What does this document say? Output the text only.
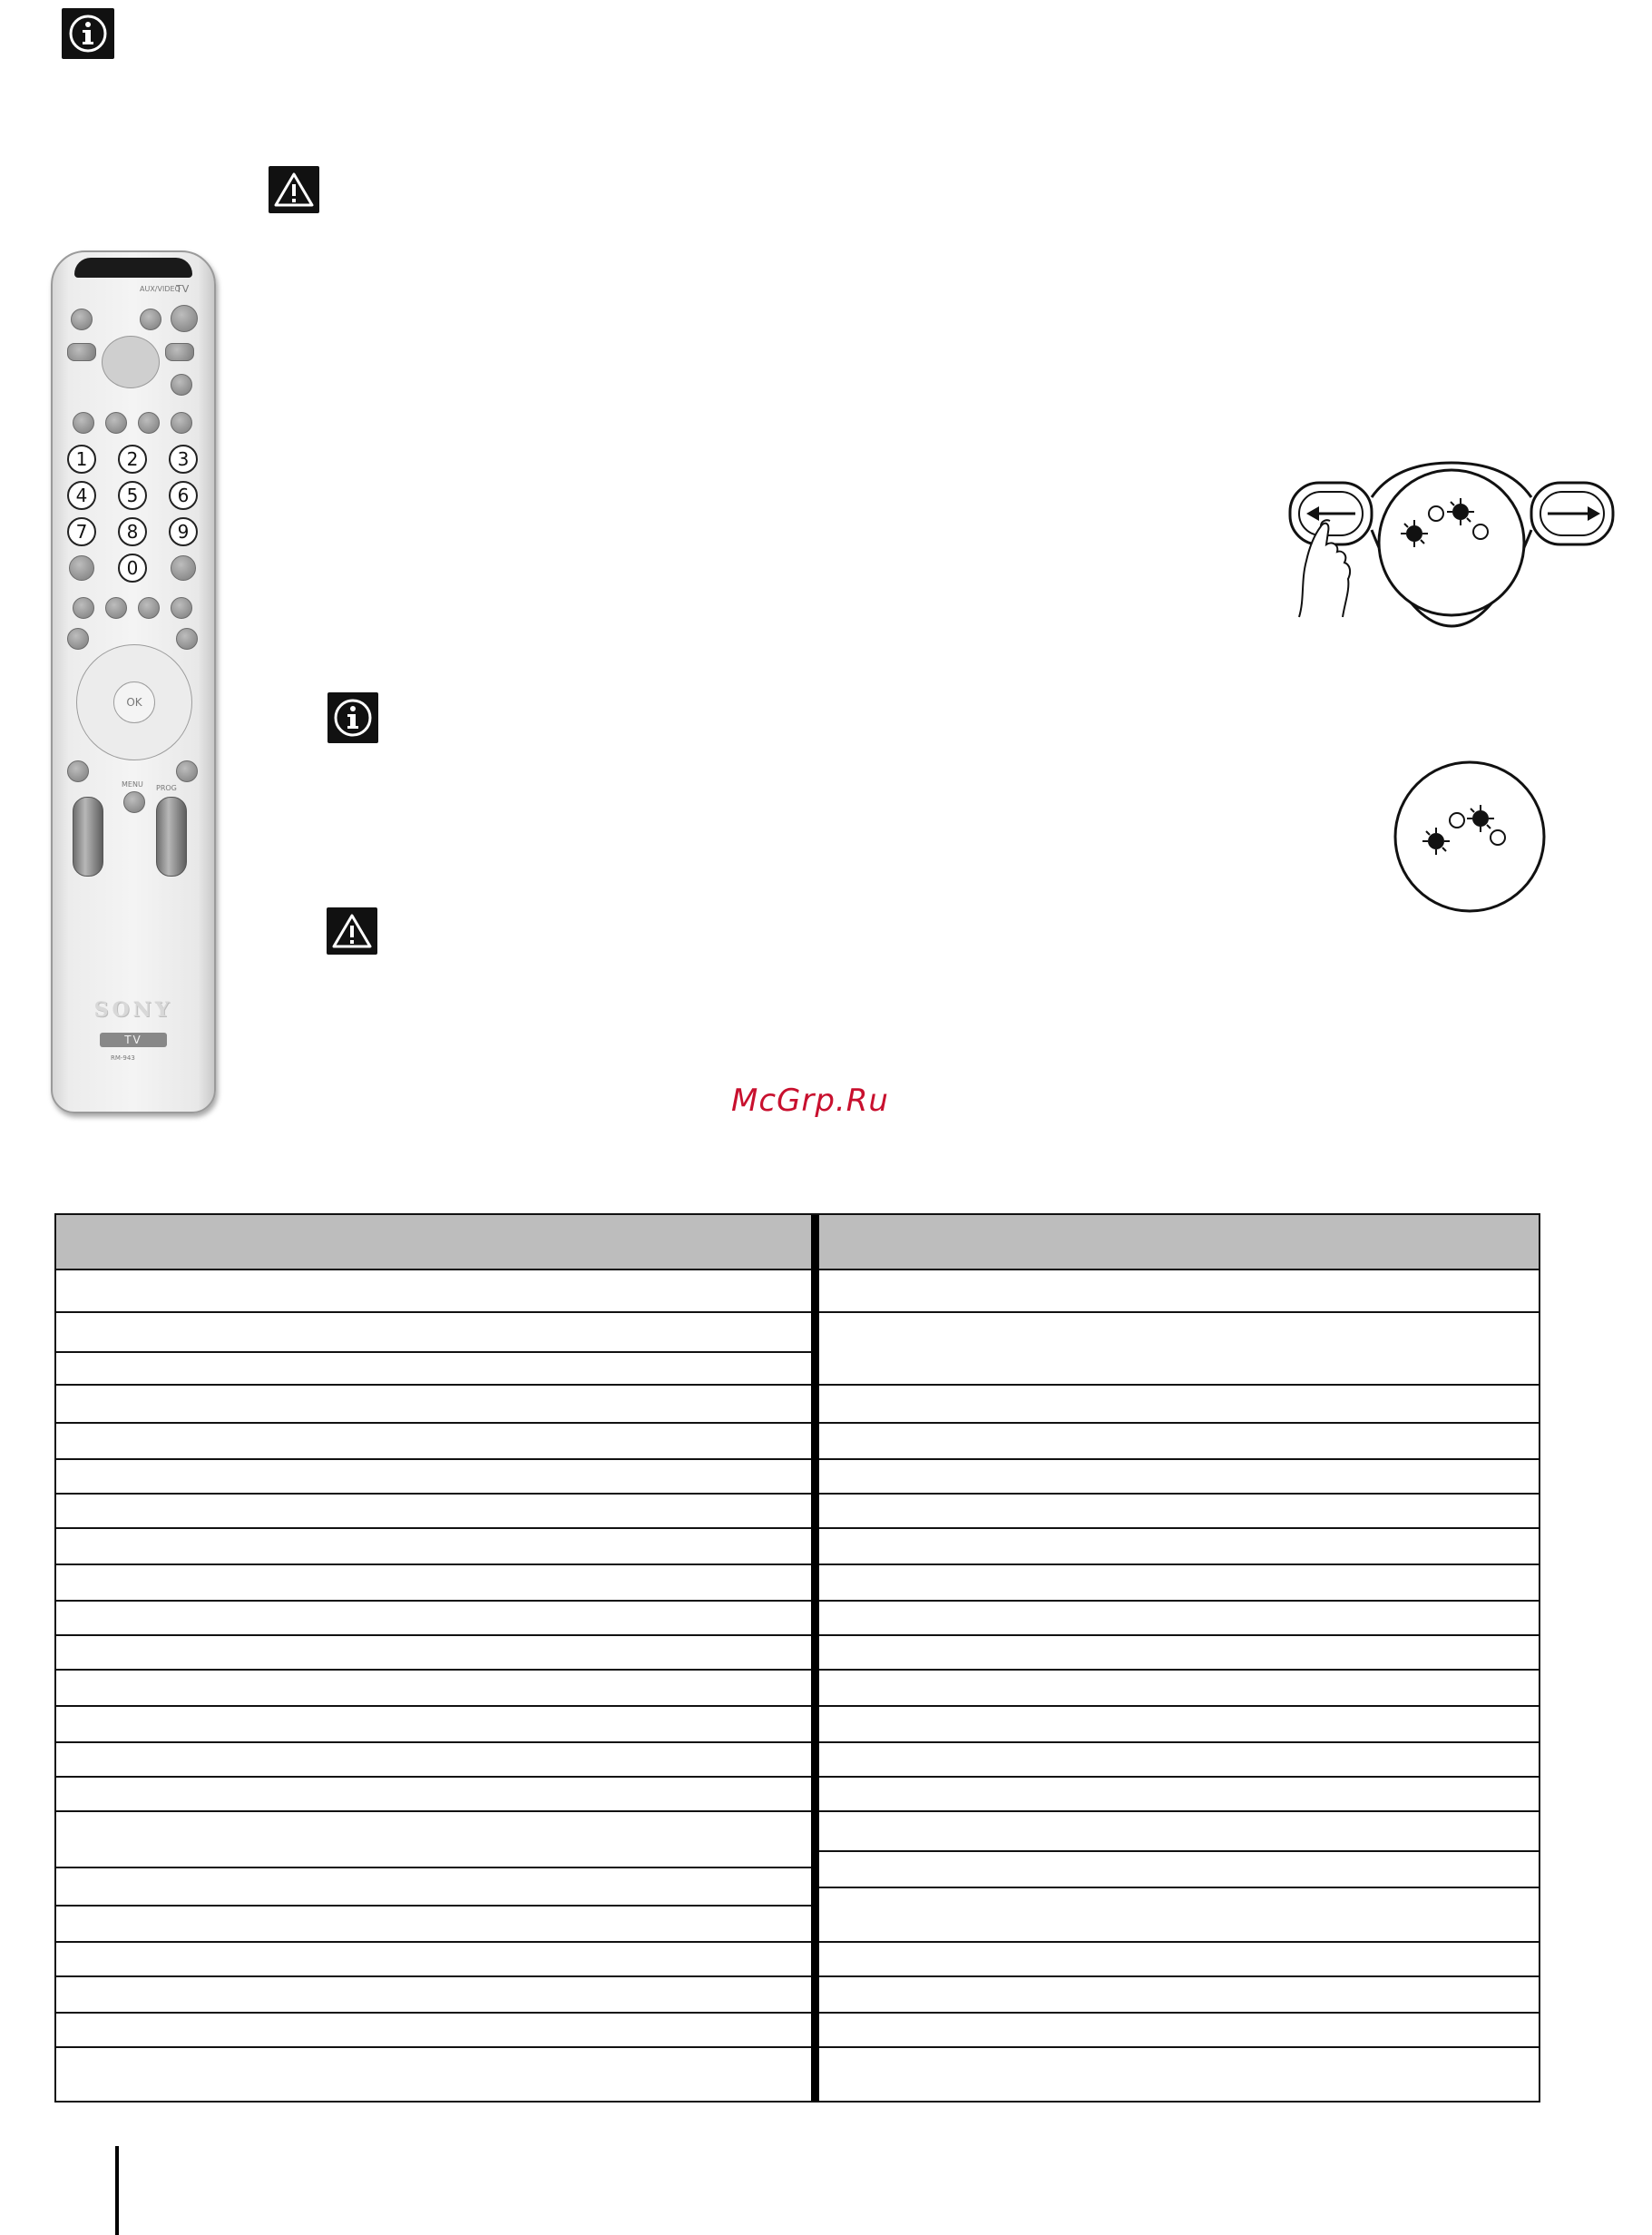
AUX/VIDEO
TV
1	2	3
4	5	6
7	8	9
0
OK
MENU PROG
SONY
TV
RM-943
McGrp.Ru
